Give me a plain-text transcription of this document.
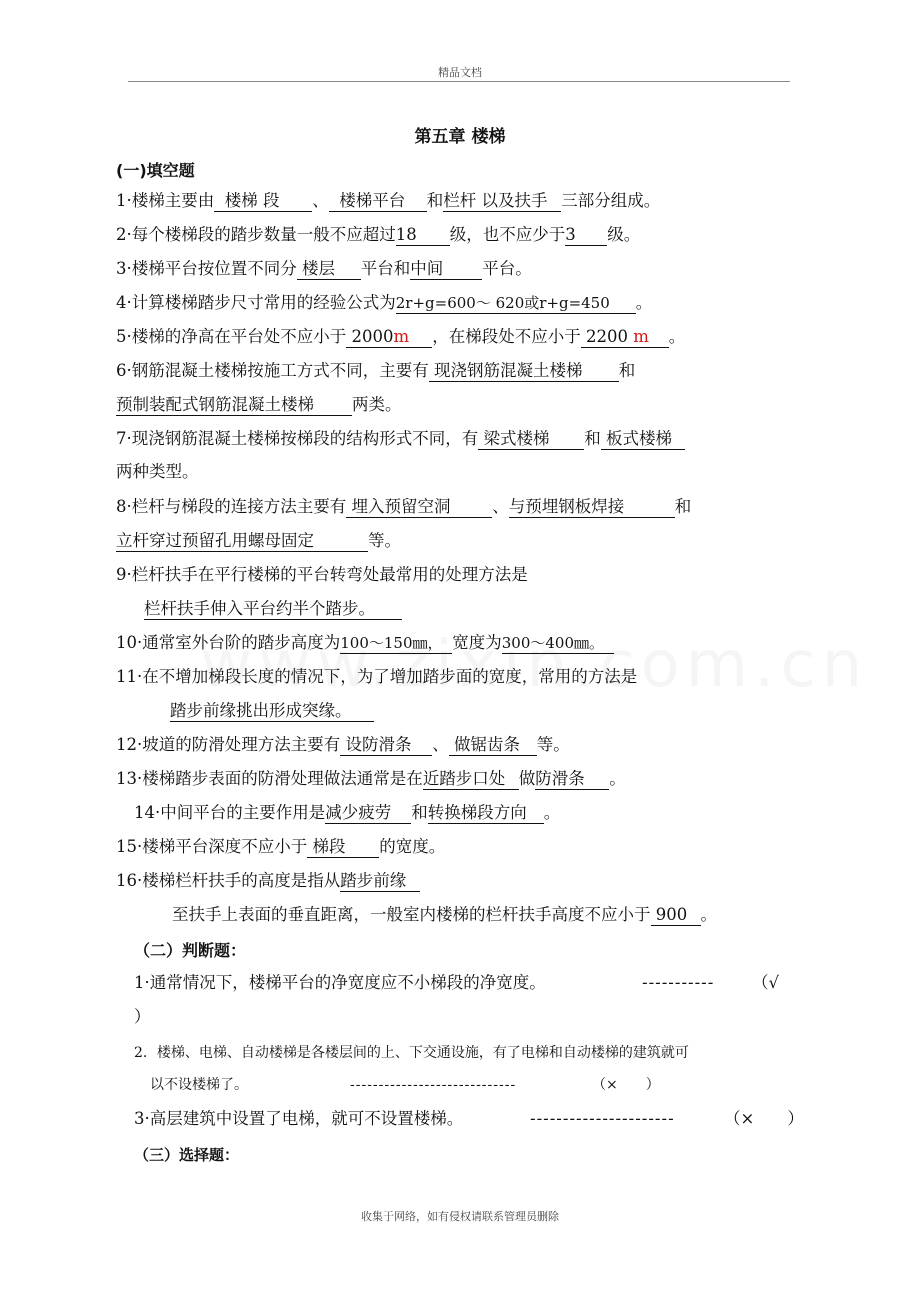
精品文档
第五章 楼梯
(一)填空题
1·楼梯主要由 楼梯 段 、 楼梯平台 和栏杆 以及扶手 三部分组成。
2·每个楼梯段的踏步数量一般不应超过18 级，也不应少于3 级。
3·楼梯平台按位置不同分 楼层 平台和中间 平台。
4·计算楼梯踏步尺寸常用的经验公式为2r+g=600～ 620或r+g=450 。
5·楼梯的净高在平台处不应小于 2000m ，在梯段处不应小于 2200 m 。
6·钢筋混凝土楼梯按施工方式不同，主要有 现浇钢筋混凝土楼梯 和
预制装配式钢筋混凝土楼梯 两类。
7·现浇钢筋混凝土楼梯按梯段的结构形式不同，有 梁式楼梯 和 板式楼梯
两种类型。
8·栏杆与梯段的连接方法主要有 埋入预留空洞	、与预埋钢板焊接	和
立杆穿过预留孔用螺母固定	等。
9·栏杆扶手在平行楼梯的平台转弯处最常用的处理方法是
栏杆扶手伸入平台约半个踏步。
10·通常室外台阶的踏步高度为100～150㎜， 宽度为300～400㎜。
11·在不增加梯段长度的情况下，为了增加踏步面的宽度，常用的方法是
踏步前缘挑出形成突缘。
12·坡道的防滑处理方法主要有 设防滑条 、 做锯齿条 等。
13·楼梯踏步表面的防滑处理做法通常是在近踏步口处 做防滑条 。
14·中间平台的主要作用是减少疲劳 和转换梯段方向 。
15·楼梯平台深度不应小于 梯段 的宽度。
16·楼梯栏杆扶手的高度是指从踏步前缘
至扶手上表面的垂直距离，一般室内楼梯的栏杆扶手高度不应小于 900 。
（二）判断题：
1·通常情况下，楼梯平台的净宽度应不小梯段的净宽度。	----------- （√
）
2．楼梯、电梯、自动楼梯是各楼层间的上、下交通设施，有了电梯和自动楼梯的建筑就可
以不设楼梯了。	-----------------------------	（×　　）
3·高层建筑中设置了电梯，就可不设置楼梯。	----------------------	（×　　）
（三）选择题：
收集于网络，如有侵权请联系管理员删除
